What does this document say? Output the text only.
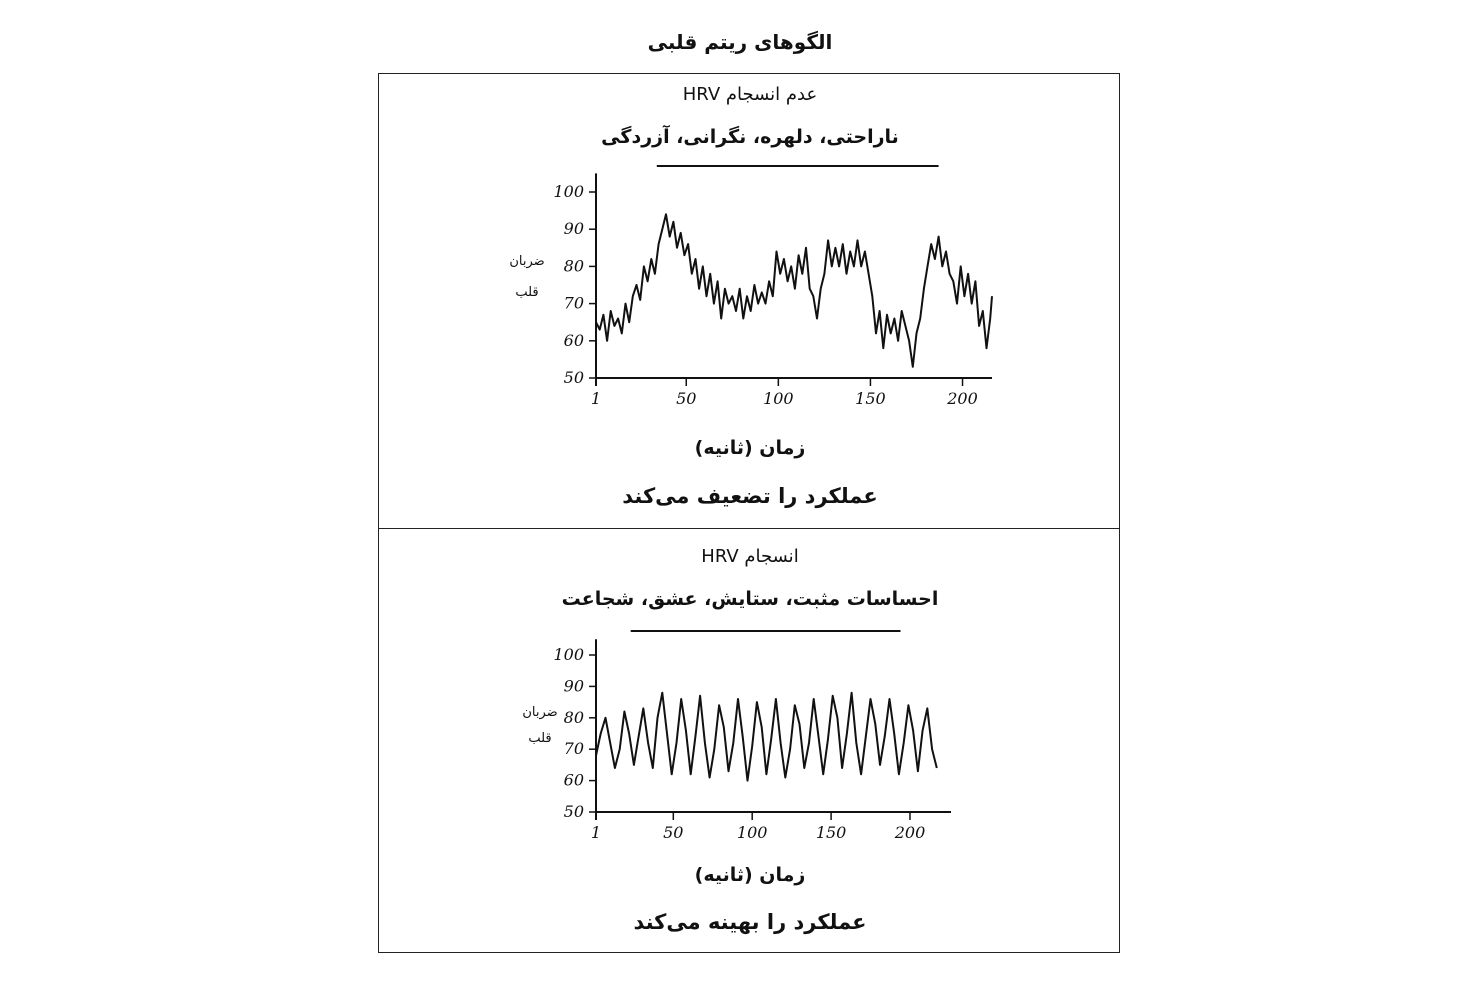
الگوهای ریتم قلبی
عدم انسجام HRV
ناراحتی، دلهره، نگرانی، آزردگی
زمان (ثانیه)
عملکرد را تضعیف می‌کند
انسجام HRV
احساسات مثبت، ستایش، عشق، شجاعت
زمان (ثانیه)
عملکرد را بهینه می‌کند
50
60
70
80
90
100
1	50	100	150	200
ضربان
قلب
50
60
70
80
90
100
1	50	100	150	200
ضربان
قلب
